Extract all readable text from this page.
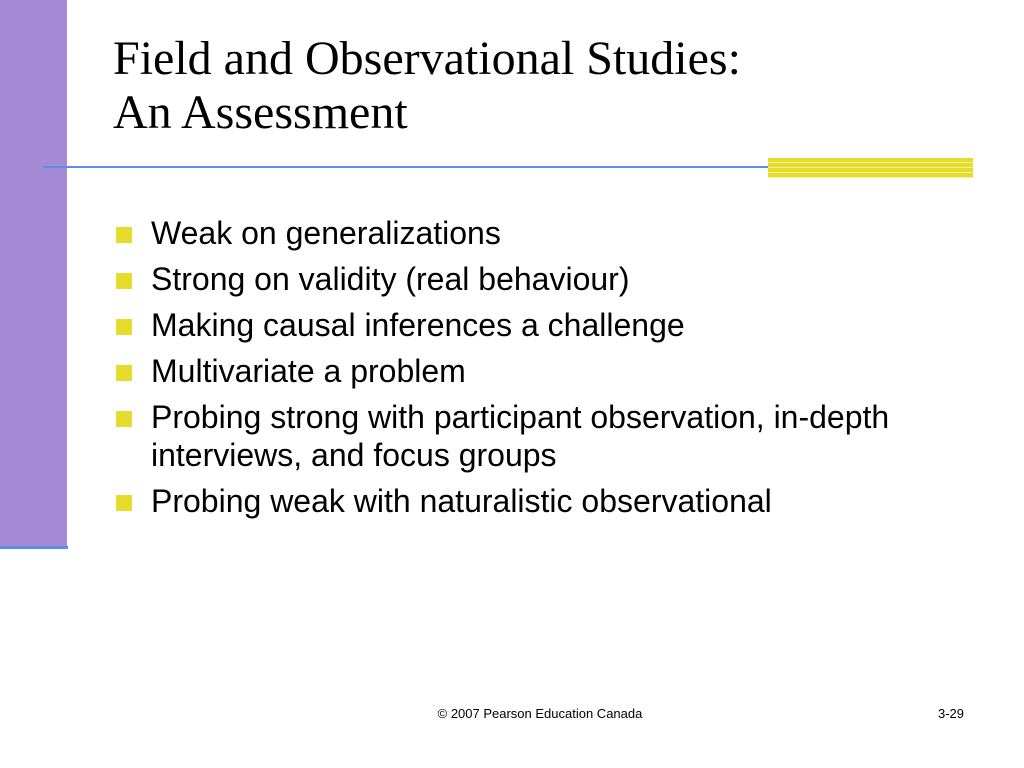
Field and Observational Studies:
An Assessment
Weak on generalizations
Strong on validity (real behaviour)
Making causal inferences a challenge
Multivariate a problem
Probing strong with participant observation, in-depth interviews, and focus groups
Probing weak with naturalistic observational
© 2007 Pearson Education Canada	3-29
